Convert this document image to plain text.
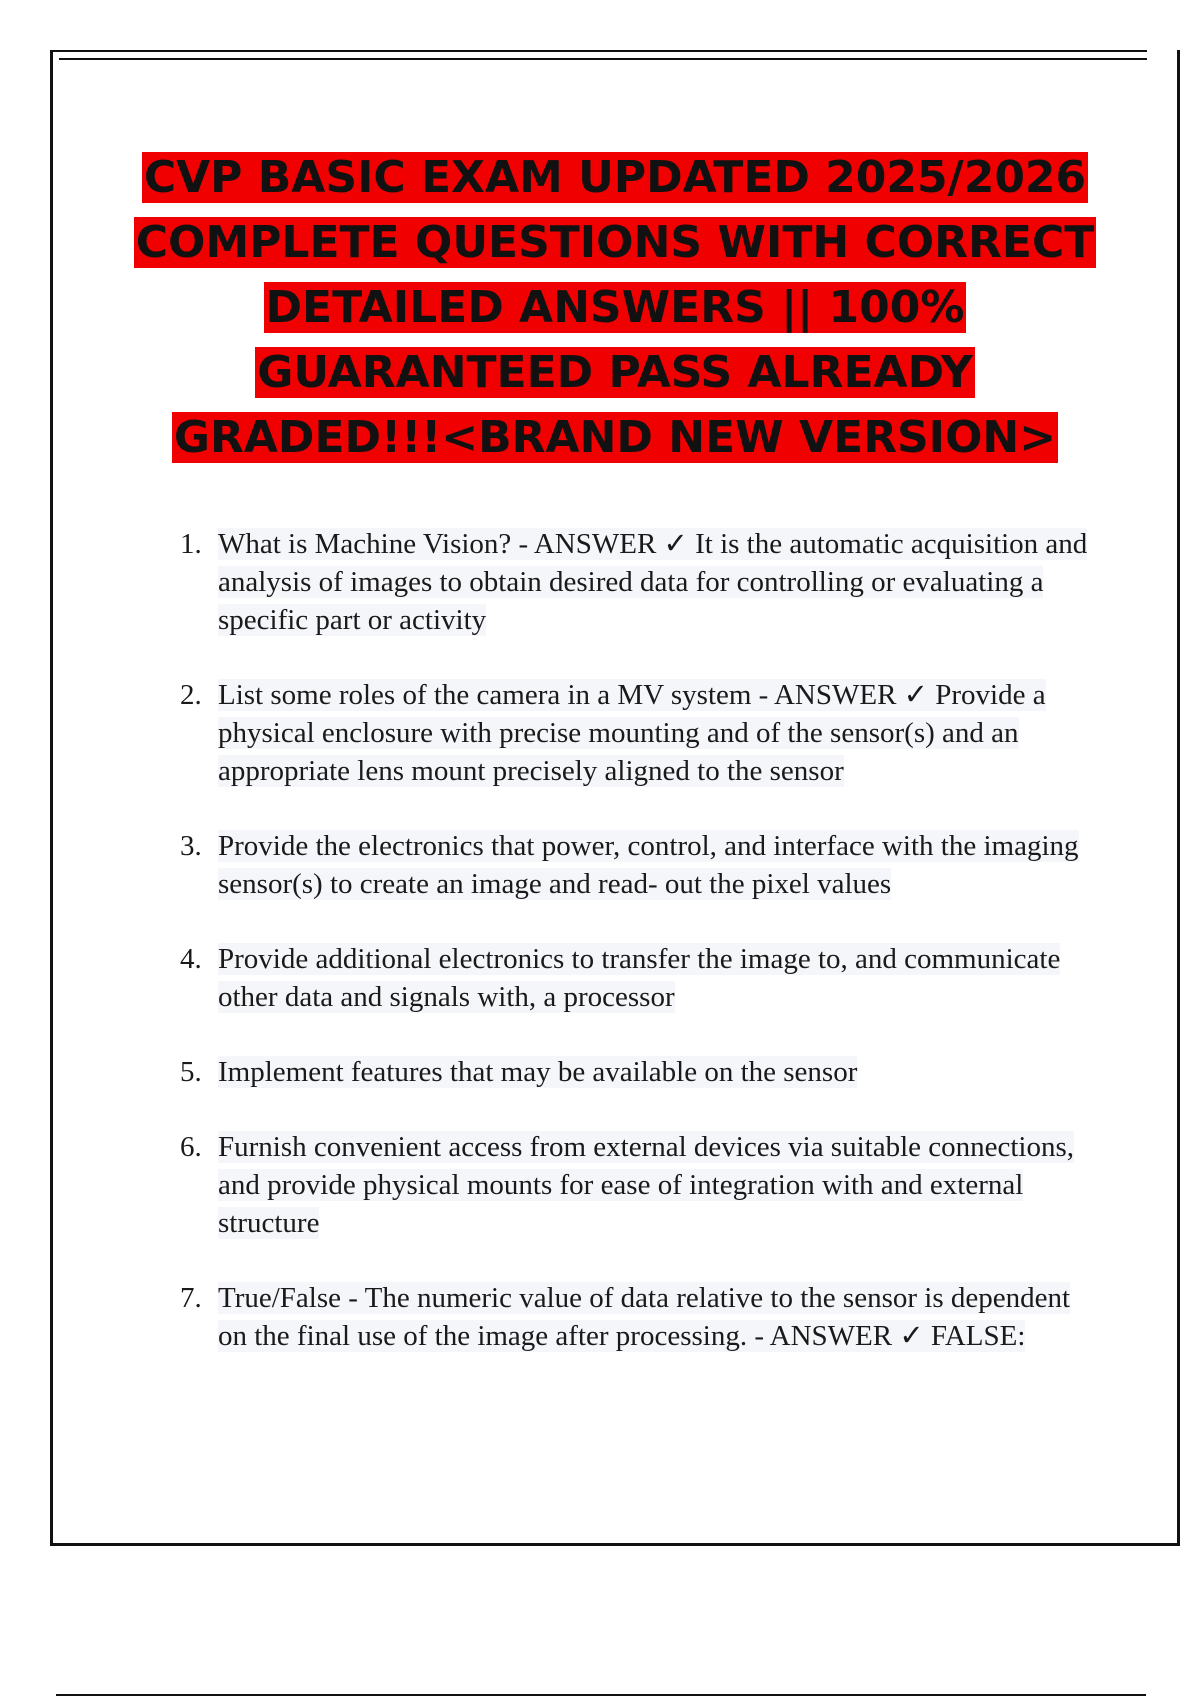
CVP BASIC EXAM UPDATED 2025/2026
COMPLETE QUESTIONS WITH CORRECT
DETAILED ANSWERS || 100%
GUARANTEED PASS ALREADY
GRADED!!!<BRAND NEW VERSION>
1. What is Machine Vision? - ANSWER ✓ It is the automatic acquisition and analysis of images to obtain desired data for controlling or evaluating a specific part or activity
2. List some roles of the camera in a MV system - ANSWER ✓ Provide a physical enclosure with precise mounting and of the sensor(s) and an appropriate lens mount precisely aligned to the sensor
3. Provide the electronics that power, control, and interface with the imaging sensor(s) to create an image and read- out the pixel values
4. Provide additional electronics to transfer the image to, and communicate other data and signals with, a processor
5. Implement features that may be available on the sensor
6. Furnish convenient access from external devices via suitable connections, and provide physical mounts for ease of integration with and external structure
7. True/False - The numeric value of data relative to the sensor is dependent on the final use of the image after processing. - ANSWER ✓ FALSE:
